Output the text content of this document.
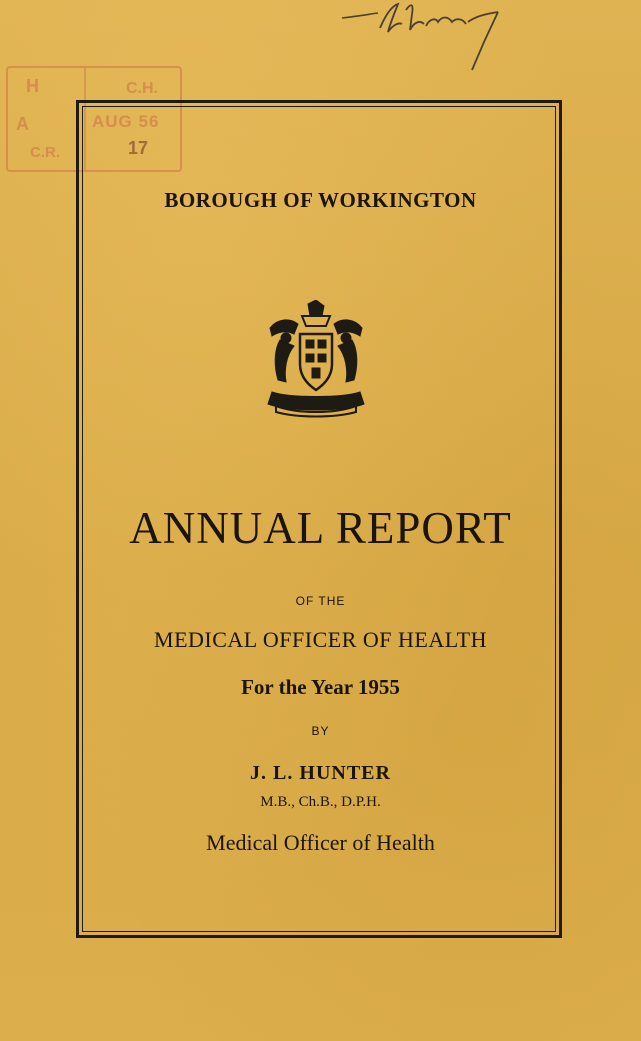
H
A
C.R.
C.H.
AUG 56
17
BOROUGH OF WORKINGTON
ANNUAL REPORT
OF THE
MEDICAL OFFICER OF HEALTH
For the Year 1955
BY
J. L. HUNTER
M.B., Ch.B., D.P.H.
Medical Officer of Health
